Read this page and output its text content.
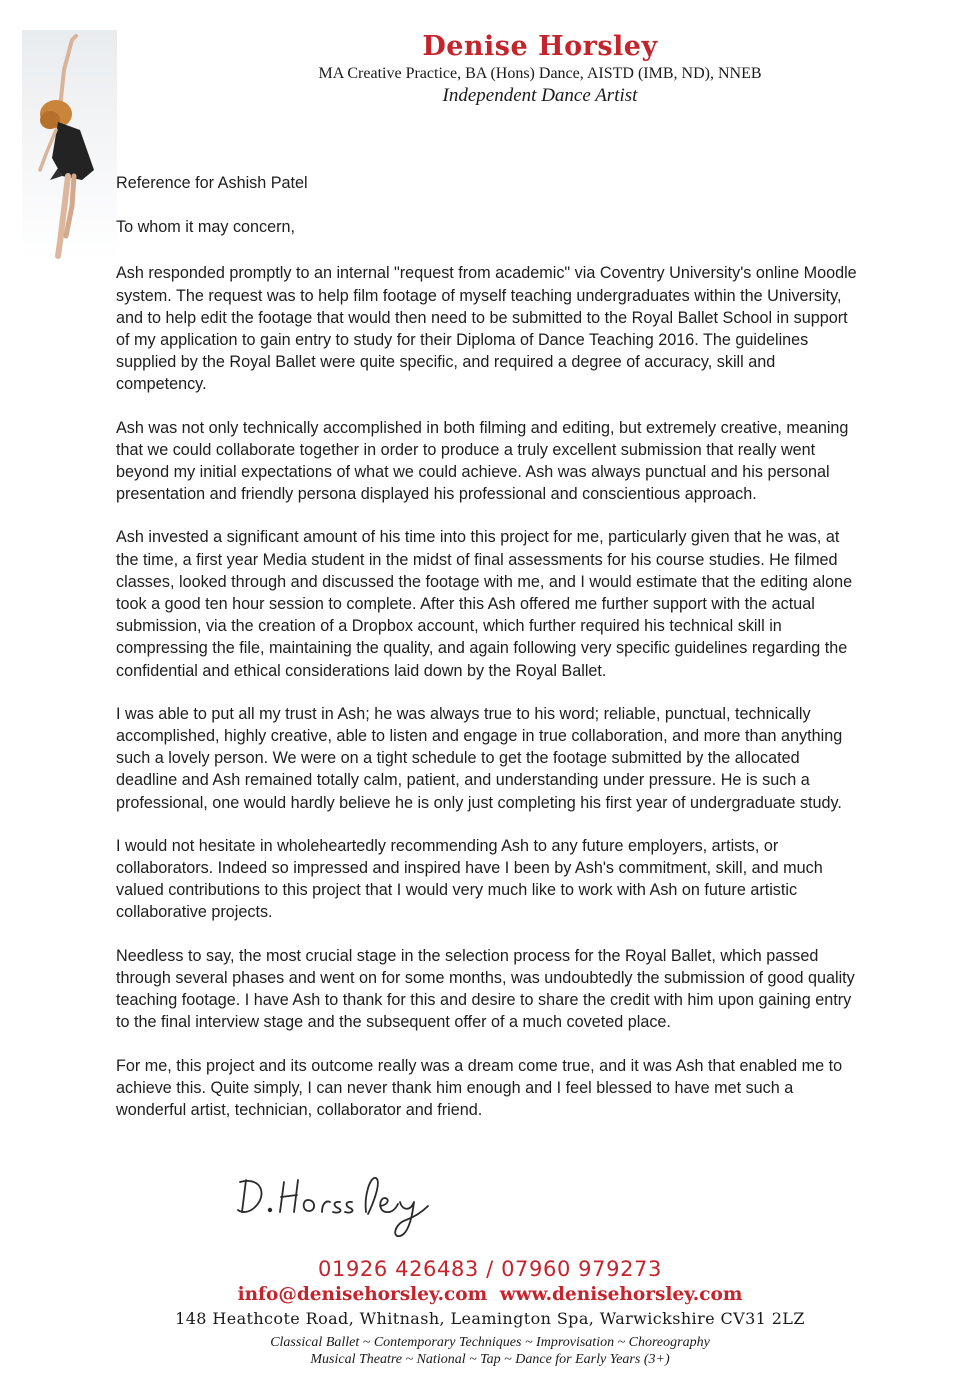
Denise Horsley
MA Creative Practice, BA (Hons) Dance, AISTD (IMB, ND), NNEB
Independent Dance Artist

Reference for Ashish Patel

To whom it may concern,

Ash responded promptly to an internal "request from academic" via Coventry University's online Moodle system. The request was to help film footage of myself teaching undergraduates within the University, and to help edit the footage that would then need to be submitted to the Royal Ballet School in support of my application to gain entry to study for their Diploma of Dance Teaching 2016. The guidelines supplied by the Royal Ballet were quite specific, and required a degree of accuracy, skill and competency.

Ash was not only technically accomplished in both filming and editing, but extremely creative, meaning that we could collaborate together in order to produce a truly excellent submission that really went beyond my initial expectations of what we could achieve. Ash was always punctual and his personal presentation and friendly persona displayed his professional and conscientious approach.

Ash invested a significant amount of his time into this project for me, particularly given that he was, at the time, a first year Media student in the midst of final assessments for his course studies. He filmed classes, looked through and discussed the footage with me, and I would estimate that the editing alone took a good ten hour session to complete. After this Ash offered me further support with the actual submission, via the creation of a Dropbox account, which further required his technical skill in compressing the file, maintaining the quality, and again following very specific guidelines regarding the confidential and ethical considerations laid down by the Royal Ballet.

I was able to put all my trust in Ash; he was always true to his word; reliable, punctual, technically accomplished, highly creative, able to listen and engage in true collaboration, and more than anything such a lovely person. We were on a tight schedule to get the footage submitted by the allocated deadline and Ash remained totally calm, patient, and understanding under pressure. He is such a professional, one would hardly believe he is only just completing his first year of undergraduate study.

I would not hesitate in wholeheartedly recommending Ash to any future employers, artists, or collaborators. Indeed so impressed and inspired have I been by Ash's commitment, skill, and much valued contributions to this project that I would very much like to work with Ash on future artistic collaborative projects.

Needless to say, the most crucial stage in the selection process for the Royal Ballet, which passed through several phases and went on for some months, was undoubtedly the submission of good quality teaching footage. I have Ash to thank for this and desire to share the credit with him upon gaining entry to the final interview stage and the subsequent offer of a much coveted place.

For me, this project and its outcome really was a dream come true, and it was Ash that enabled me to achieve this. Quite simply, I can never thank him enough and I feel blessed to have met such a wonderful artist, technician, collaborator and friend.

01926 426483 / 07960 979273
info@denisehorsley.com www.denisehorsley.com
148 Heathcote Road, Whitnash, Leamington Spa, Warwickshire CV31 2LZ
Classical Ballet ~ Contemporary Techniques ~ Improvisation ~ Choreography
Musical Theatre ~ National ~ Tap ~ Dance for Early Years (3+)
